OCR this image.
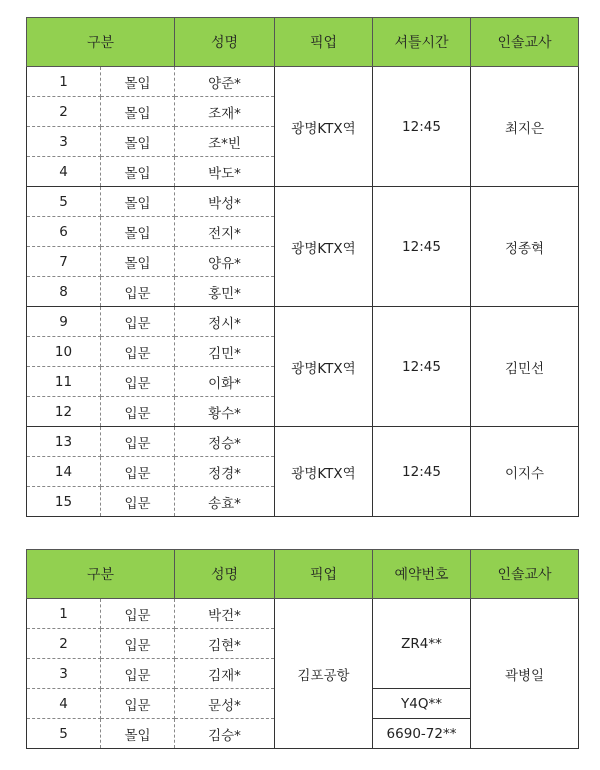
구분		성명	픽업	셔틀시간	인솔교사
1	몰입	양준*	광명KTX역	12:45	최지은
2	몰입	조재*			
3	몰입	조*빈			
4	몰입	박도*			
5	몰입	박성*	광명KTX역	12:45	정종혁
6	몰입	전지*			
7	몰입	양유*			
8	입문	홍민*			
9	입문	정시*	광명KTX역	12:45	김민선
10	입문	김민*			
11	입문	이화*			
12	입문	황수*			
13	입문	정승*	광명KTX역	12:45	이지수
14	입문	정경*			
15	입문	송효*			
구분		성명	픽업	예약번호	인솔교사
1	입문	박건*	김포공항	ZR4**	곽병일
2	입문	김현*			
3	입문	김재*			
4	입문	문성*		Y4Q**	
5	몰입	김승*		6690-72**	
